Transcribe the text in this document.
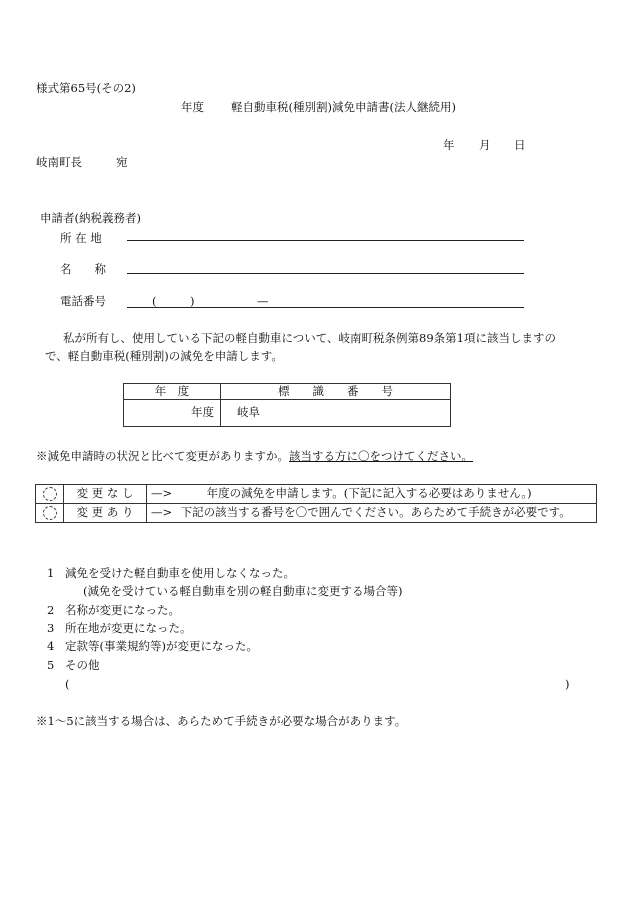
様式第65号(その2)
年度 軽自動車税(種別割)減免申請書(法人継続用)
年 月 日
岐南町長	宛
申請者(納税義務者)
所 在 地
名　　称
電話番号	(	)	—
私が所有し、使用している下記の軽自動車について、岐南町税条例第89条第1項に該当しますの
で、軽自動車税(種別割)の減免を申請します。
年　度	標　　識　　番　　号
年度	岐阜
※減免申請時の状況と比べて変更がありますか。該当する方に〇をつけてください。
	変 更 な し	—> 年度の減免を申請します。(下記に記入する必要はありません。)
	変 更 あ り	—> 下記の該当する番号を〇で囲んでください。あらためて手続きが必要です。
1 減免を受けた軽自動車を使用しなくなった。
(減免を受けている軽自動車を別の軽自動車に変更する場合等)
2 名称が変更になった。
3 所在地が変更になった。
4 定款等(事業規約等)が変更になった。
5 その他
(	)
※1～5に該当する場合は、あらためて手続きが必要な場合があります。
